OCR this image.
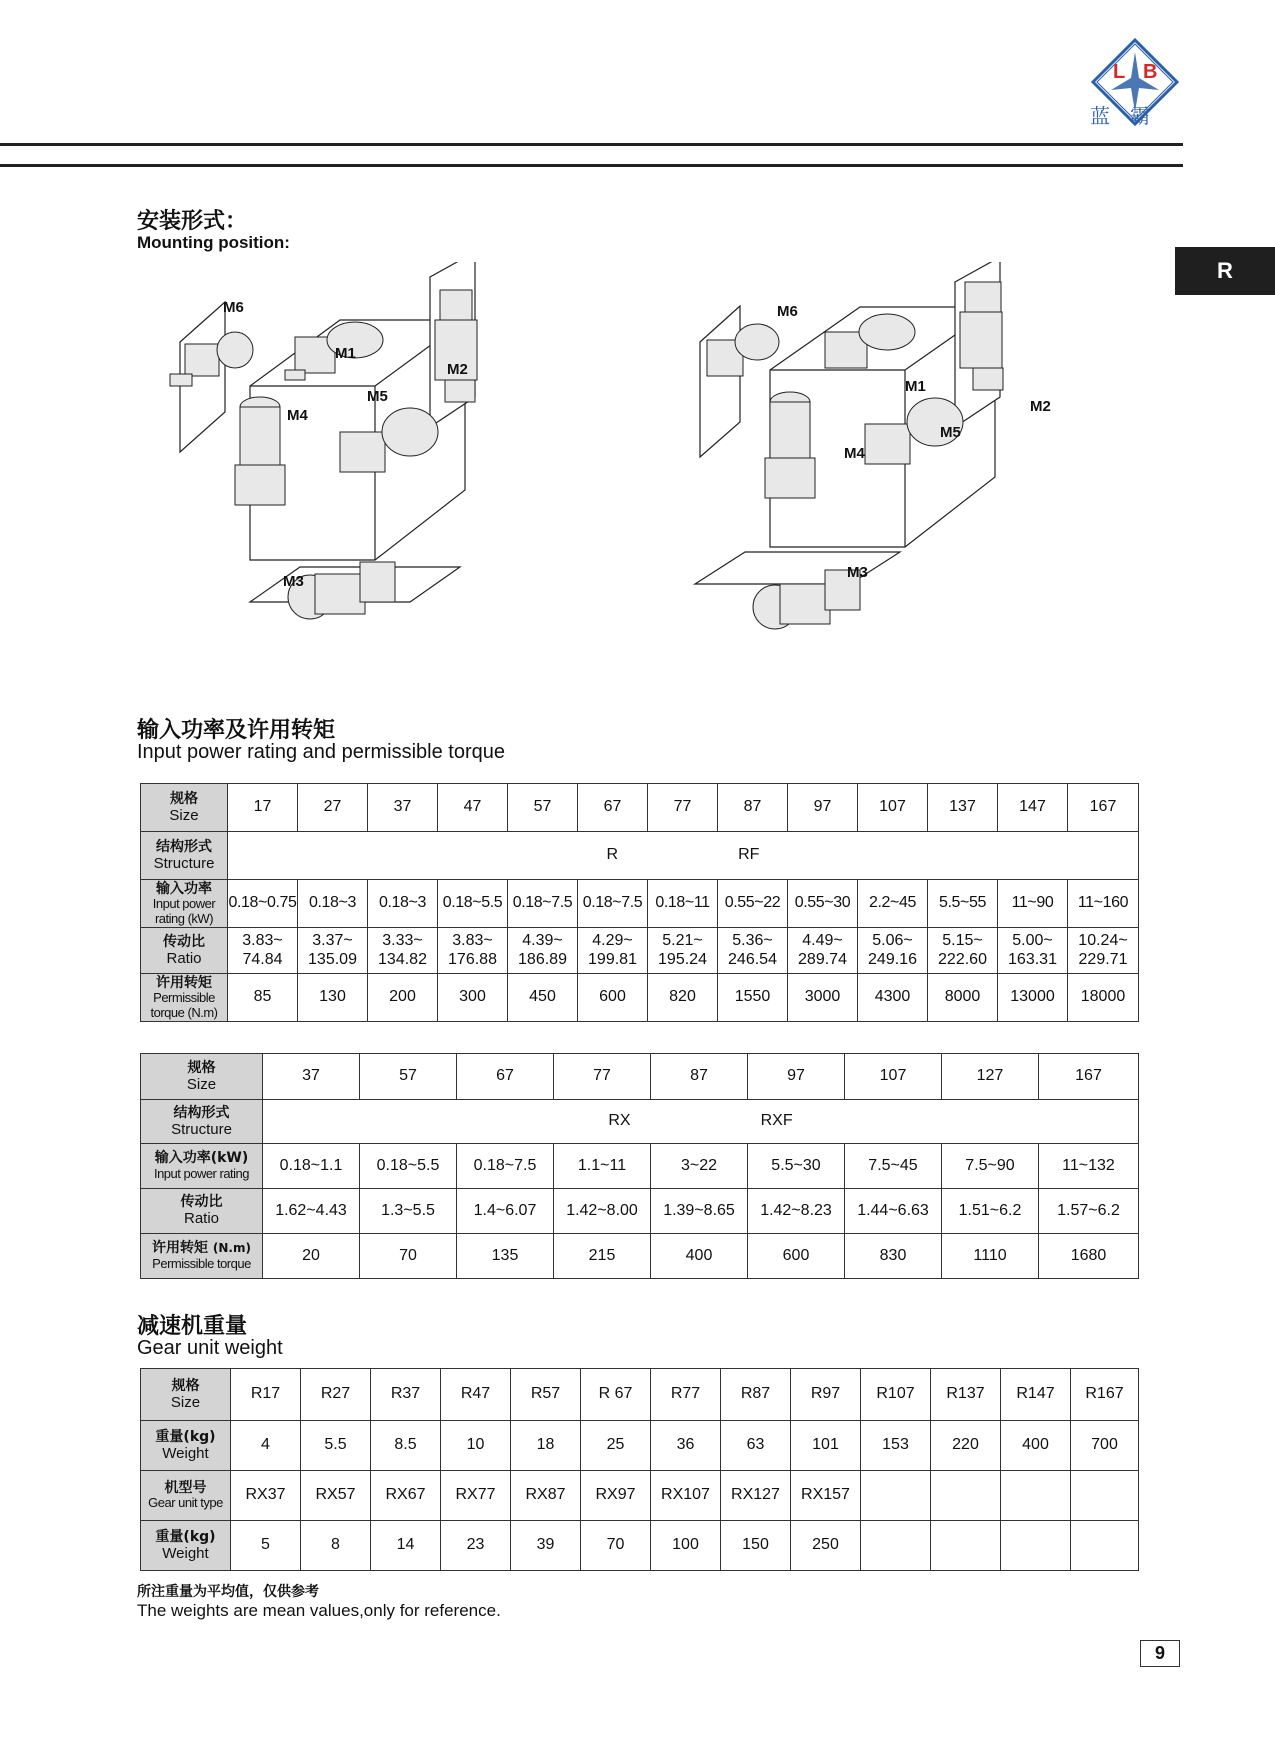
L B
蓝霸
R
安装形式：
Mounting position:
M6
M1
M2
M4
M5
M3
M6
M1
M2
M4
M5
M3
输入功率及许用转矩
Input power rating and permissible torque
规格
Size	17	27	37	47	57	67	77	87	97	107	137	147	167

结构形式
Structure	R RF												

输入功率
Input power rating (kW)	0.18~0.75	0.18~3	0.18~3	0.18~5.5	0.18~7.5	0.18~7.5	0.18~11	0.55~22	0.55~30	2.2~45	5.5~55	11~90	11~160

传动比
Ratio	3.83~
74.84	3.37~
135.09	3.33~
134.82	3.83~
176.88	4.39~
186.89	4.29~
199.81	5.21~
195.24	5.36~
246.54	4.49~
289.74	5.06~
249.16	5.15~
222.60	5.00~
163.31	10.24~
229.71

许用转矩
Permissible torque (N.m)	85	130	200	300	450	600	820	1550	3000	4300	8000	13000	18000
规格
Size	37	57	67	77	87	97	107	127	167

结构形式
Structure	RX RXF								

输入功率(kW)
Input power rating	0.18~1.1	0.18~5.5	0.18~7.5	1.1~11	3~22	5.5~30	7.5~45	7.5~90	11~132

传动比
Ratio	1.62~4.43	1.3~5.5	1.4~6.07	1.42~8.00	1.39~8.65	1.42~8.23	1.44~6.63	1.51~6.2	1.57~6.2

许用转矩 (N.m)
Permissible torque	20	70	135	215	400	600	830	1110	1680
减速机重量
Gear unit weight
规格
Size	R17	R27	R37	R47	R57	R 67	R77	R87	R97	R107	R137	R147	R167

重量(kg)
Weight	4	5.5	8.5	10	18	25	36	63	101	153	220	400	700

机型号
Gear unit type	RX37	RX57	RX67	RX77	RX87	RX97	RX107	RX127	RX157				

重量(kg)
Weight	5	8	14	23	39	70	100	150	250				
所注重量为平均值，仅供参考
The weights are mean values,only for reference.
9
